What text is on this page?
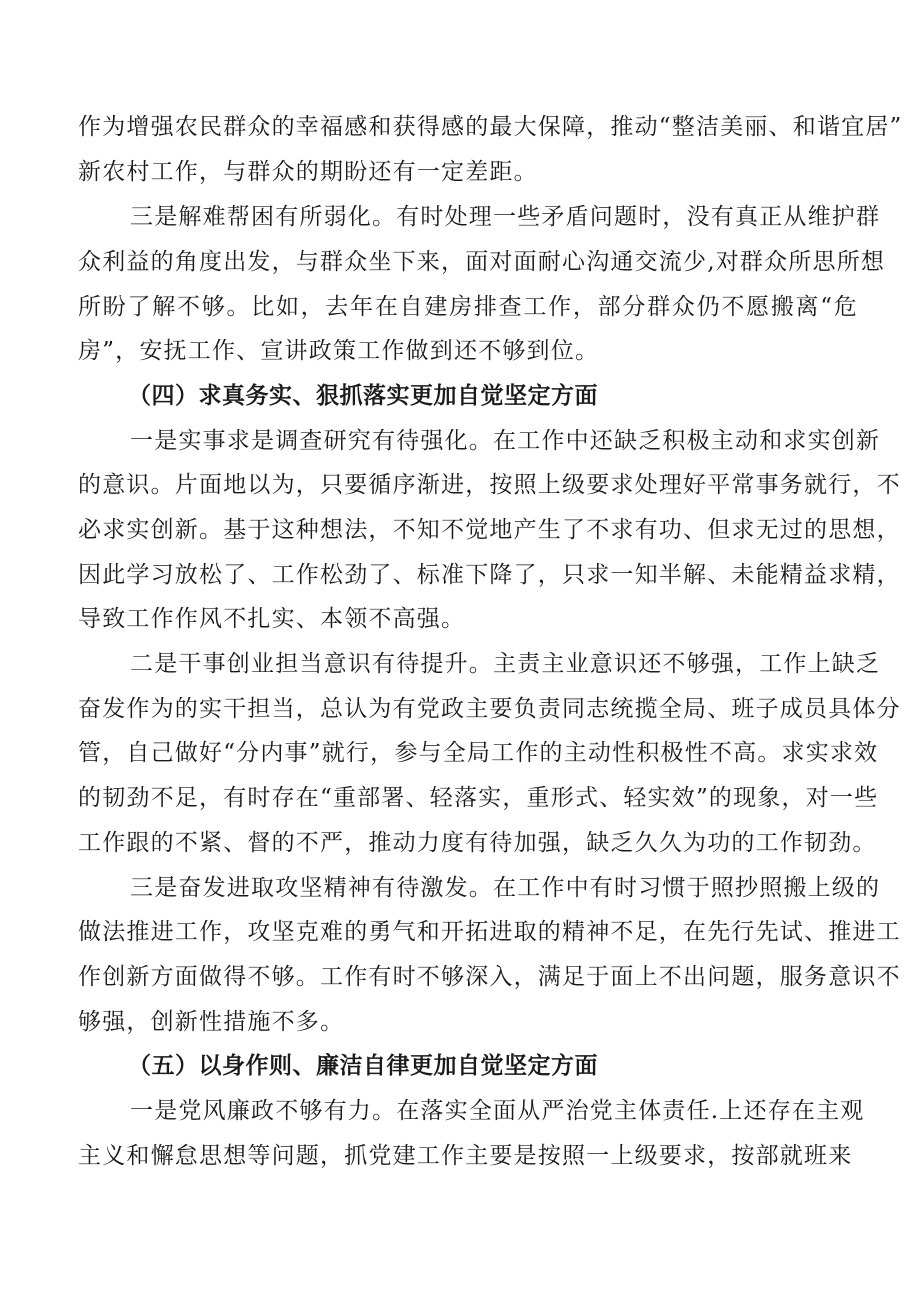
作为增强农民群众的幸福感和获得感的最大保障，推动“整洁美丽、和谐宜居”
新农村工作，与群众的期盼还有一定差距。
三是解难帮困有所弱化。有时处理一些矛盾问题时，没有真正从维护群
众利益的角度出发，与群众坐下来，面对面耐心沟通交流少,对群众所思所想
所盼了解不够。比如，去年在自建房排查工作，部分群众仍不愿搬离“危
房”，安抚工作、宣讲政策工作做到还不够到位。
（四）求真务实、狠抓落实更加自觉坚定方面
一是实事求是调查研究有待强化。在工作中还缺乏积极主动和求实创新
的意识。片面地以为，只要循序渐进，按照上级要求处理好平常事务就行，不
必求实创新。基于这种想法，不知不觉地产生了不求有功、但求无过的思想，
因此学习放松了、工作松劲了、标准下降了，只求一知半解、未能精益求精，
导致工作作风不扎实、本领不高强。
二是干事创业担当意识有待提升。主责主业意识还不够强，工作上缺乏
奋发作为的实干担当，总认为有党政主要负责同志统揽全局、班子成员具体分
管，自己做好“分内事”就行，参与全局工作的主动性积极性不高。求实求效
的韧劲不足，有时存在“重部署、轻落实，重形式、轻实效”的现象，对一些
工作跟的不紧、督的不严，推动力度有待加强，缺乏久久为功的工作韧劲。
三是奋发进取攻坚精神有待激发。在工作中有时习惯于照抄照搬上级的
做法推进工作，攻坚克难的勇气和开拓进取的精神不足，在先行先试、推进工
作创新方面做得不够。工作有时不够深入，满足于面上不出问题，服务意识不
够强，创新性措施不多。
（五）以身作则、廉洁自律更加自觉坚定方面
一是党风廉政不够有力。在落实全面从严治党主体责任.上还存在主观
主义和懈怠思想等问题，抓党建工作主要是按照一上级要求，按部就班来
